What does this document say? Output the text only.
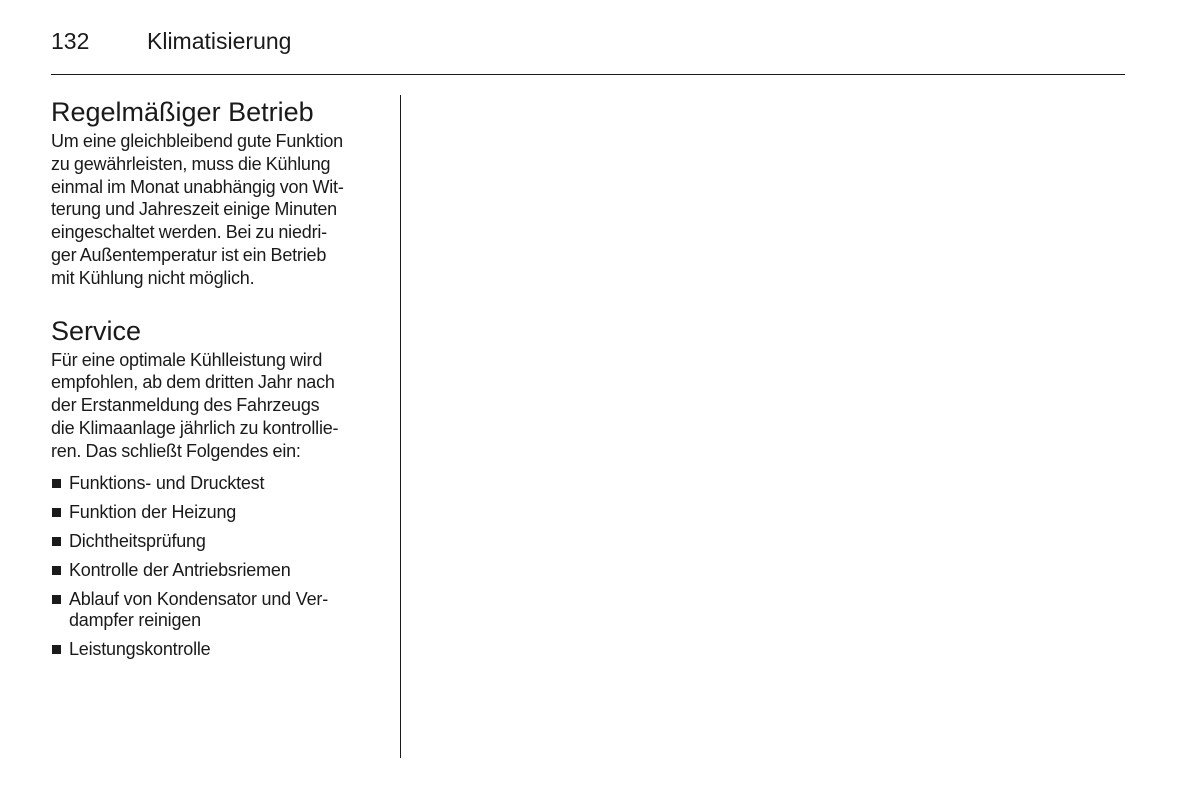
132	Klimatisierung
Regelmäßiger Betrieb

Um eine gleichbleibend gute Funktion
zu gewährleisten, muss die Kühlung
einmal im Monat unabhängig von Wit-
terung und Jahreszeit einige Minuten
eingeschaltet werden. Bei zu niedri-
ger Außentemperatur ist ein Betrieb
mit Kühlung nicht möglich.

Service

Für eine optimale Kühlleistung wird
empfohlen, ab dem dritten Jahr nach
der Erstanmeldung des Fahrzeugs
die Klimaanlage jährlich zu kontrollie-
ren. Das schließt Folgendes ein:

Funktions- und Drucktest
Funktion der Heizung
Dichtheitsprüfung
Kontrolle der Antriebsriemen
Ablauf von Kondensator und Ver-
dampfer reinigen
Leistungskontrolle
